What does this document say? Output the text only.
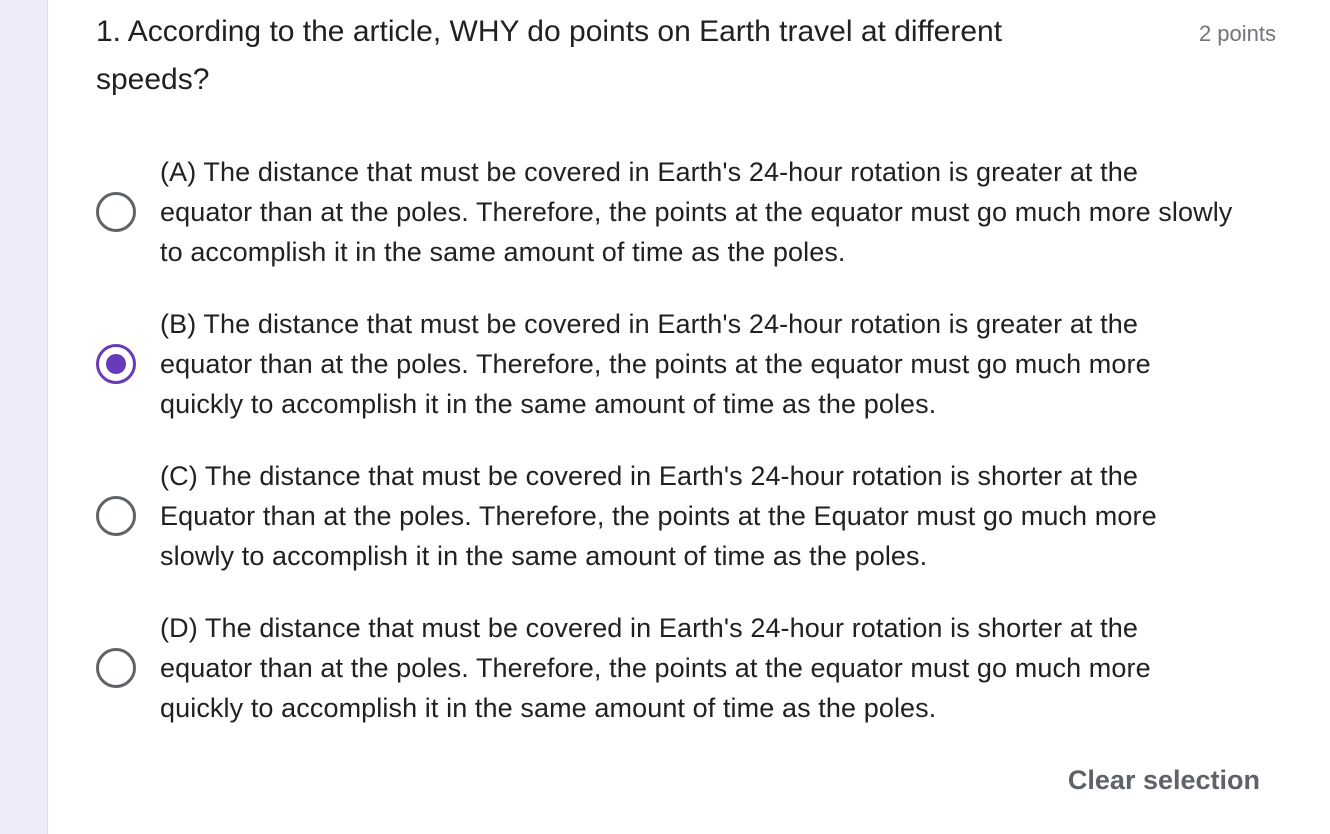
1. According to the article, WHY do points on Earth travel at different speeds?
2 points
(A) The distance that must be covered in Earth's 24-hour rotation is greater at the equator than at the poles. Therefore, the points at the equator must go much more slowly to accomplish it in the same amount of time as the poles.
(B) The distance that must be covered in Earth's 24-hour rotation is greater at the equator than at the poles. Therefore, the points at the equator must go much more quickly to accomplish it in the same amount of time as the poles.
(C) The distance that must be covered in Earth's 24-hour rotation is shorter at the Equator than at the poles. Therefore, the points at the Equator must go much more slowly to accomplish it in the same amount of time as the poles.
(D) The distance that must be covered in Earth's 24-hour rotation is shorter at the equator than at the poles. Therefore, the points at the equator must go much more quickly to accomplish it in the same amount of time as the poles.
Clear selection
